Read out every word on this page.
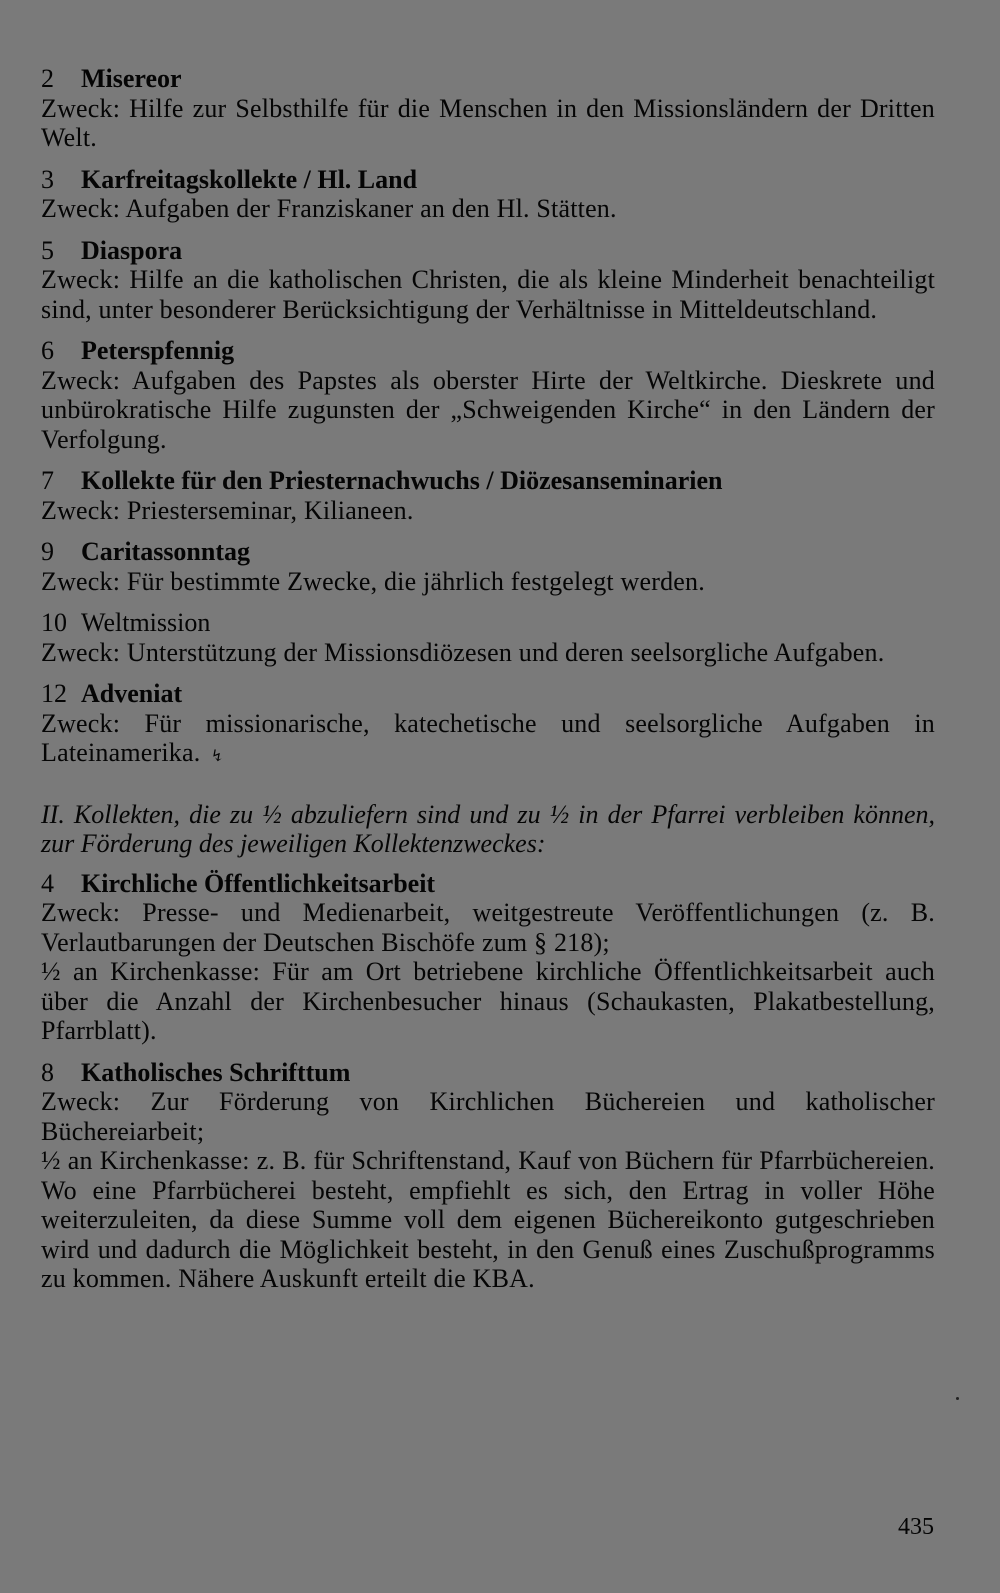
2 Misereor

Zweck: Hilfe zur Selbsthilfe für die Menschen in den Missionsländern der Dritten Welt.

3 Karfreitagskollekte / Hl. Land

Zweck: Aufgaben der Franziskaner an den Hl. Stätten.

5 Diaspora

Zweck: Hilfe an die katholischen Christen, die als kleine Minderheit benachteiligt sind, unter besonderer Berücksichtigung der Verhältnisse in Mitteldeutschland.

6 Peterspfennig

Zweck: Aufgaben des Papstes als oberster Hirte der Weltkirche. Dieskrete und unbürokratische Hilfe zugunsten der „Schweigenden Kirche“ in den Ländern der Verfolgung.

7 Kollekte für den Priesternachwuchs / Diözesanseminarien

Zweck: Priesterseminar, Kilianeen.

9 Caritassonntag

Zweck: Für bestimmte Zwecke, die jährlich festgelegt werden.

10 Weltmission

Zweck: Unterstützung der Missionsdiözesen und deren seelsorgliche Aufgaben.

12 Adveniat

Zweck: Für missionarische, katechetische und seelsorgliche Aufgaben in Lateinamerika. ↯

II. Kollekten, die zu ½ abzuliefern sind und zu ½ in der Pfarrei verbleiben können, zur Förderung des jeweiligen Kollektenzweckes:

4 Kirchliche Öffentlichkeitsarbeit

Zweck: Presse- und Medienarbeit, weitgestreute Veröffentlichungen (z. B. Verlautbarungen der Deutschen Bischöfe zum § 218);

½ an Kirchenkasse: Für am Ort betriebene kirchliche Öffentlichkeitsarbeit auch über die Anzahl der Kirchenbesucher hinaus (Schaukasten, Plakatbestellung, Pfarrblatt).

8 Katholisches Schrifttum

Zweck: Zur Förderung von Kirchlichen Büchereien und katholischer Büchereiarbeit;

½ an Kirchenkasse: z. B. für Schriftenstand, Kauf von Büchern für Pfarrbüchereien. Wo eine Pfarrbücherei besteht, empfiehlt es sich, den Ertrag in voller Höhe weiterzuleiten, da diese Summe voll dem eigenen Büchereikonto gutgeschrieben wird und dadurch die Möglichkeit besteht, in den Genuß eines Zuschußprogramms zu kommen. Nähere Auskunft erteilt die KBA.

435
